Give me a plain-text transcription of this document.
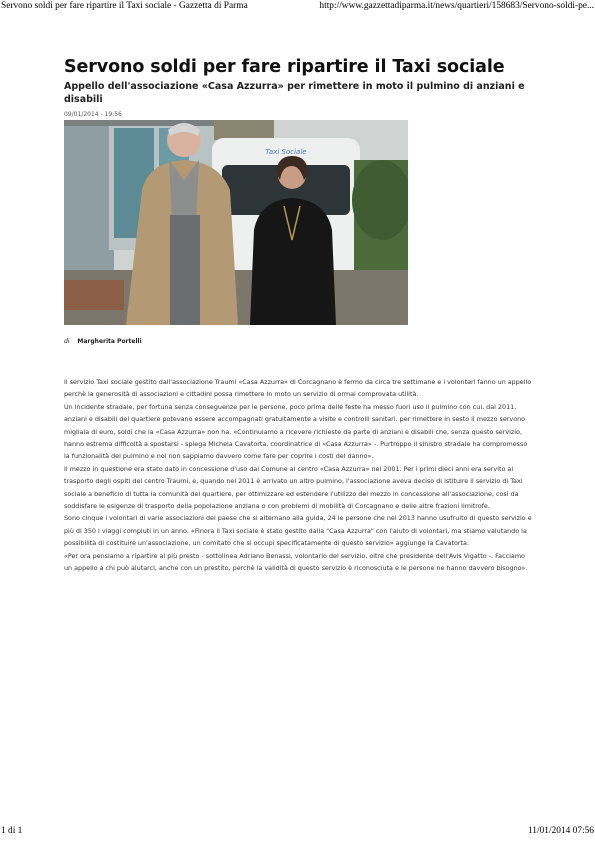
Servono soldi per fare ripartire il Taxi sociale - Gazzetta di Parma	http://www.gazzettadiparma.it/news/quartieri/158683/Servono-soldi-pe...
Servono soldi per fare ripartire il Taxi sociale
Appello dell'associazione «Casa Azzurra» per rimettere in moto il pulmino di anziani e disabili
09/01/2014 - 19:56
Taxi Sociale
di Margherita Portelli

Il servizio Taxi sociale gestito dall'associazione Traumi «Casa Azzurra» di Corcagnano è fermo da circa tre settimane e i volontari fanno un appello perchè la generosità di associazioni e cittadini possa rimettere in moto un servizio di ormai comprovata utilità.

Un incidente stradale, per fortuna senza conseguenze per le persone, poco prima delle feste ha messo fuori uso il pulmino con cui, dal 2011, anziani e disabili del quartiere potevano essere accompagnati gratuitamente a visite e controlli sanitari. per rimettere in sesto il mezzo servono migliaia di euro, soldi che la «Casa Azzurra» non ha. «Continuiamo a ricevere richieste da parte di anziani e disabili che, senza questo servizio, hanno estrema difficoltà a spostarsi - spiega Michela Cavatorta, coordinatrice di «Casa Azzurra» -. Purtroppo il sinistro stradale ha compromesso la funzionalità del pulmino e noi non sappiamo davvero come fare per coprire i costi del danno».

Il mezzo in questione era stato dato in concessione d'uso dal Comune al centro «Casa Azzurra» nel 2001. Per i primi dieci anni era servito al trasporto degli ospiti del centro Traumi, e, quando nel 2011 è arrivato un altro pulmino, l'associazione aveva deciso di istituire il servizio di Taxi sociale a beneficio di tutta la comunità del quartiere, per ottimizzare ed estendere l'utilizzo del mezzo in concessione all'associazione, così da soddisfare le esigenze di trasporto della popolazione anziana o con problemi di mobilità di Corcagnano e delle altre frazioni limitrofe.

Sono cinque i volontari di varie associazioni del paese che si alternano alla guida, 24 le persone che nel 2013 hanno usufruito di questo servizio e più di 350 i viaggi compiuti in un anno. «Finora il Taxi sociale è stato gestito dalla "Casa Azzurra" con l'aiuto di volontari, ma stiamo valutando la possibilità di costituire un'associazione, un comitato che si occupi specificatamente di questo servizio» aggiunge la Cavatorta.

«Per ora pensiamo a ripartire al più presto - sottolinea Adriano Benassi, volontario del servizio, oltre che presidente dell'Avis Vigatto -. Facciamo un appello a chi può aiutarci, anche con un prestito, perchè la validità di questo servizio è riconosciuta e le persone ne hanno davvero bisogno».

1 di 1	11/01/2014 07:56
